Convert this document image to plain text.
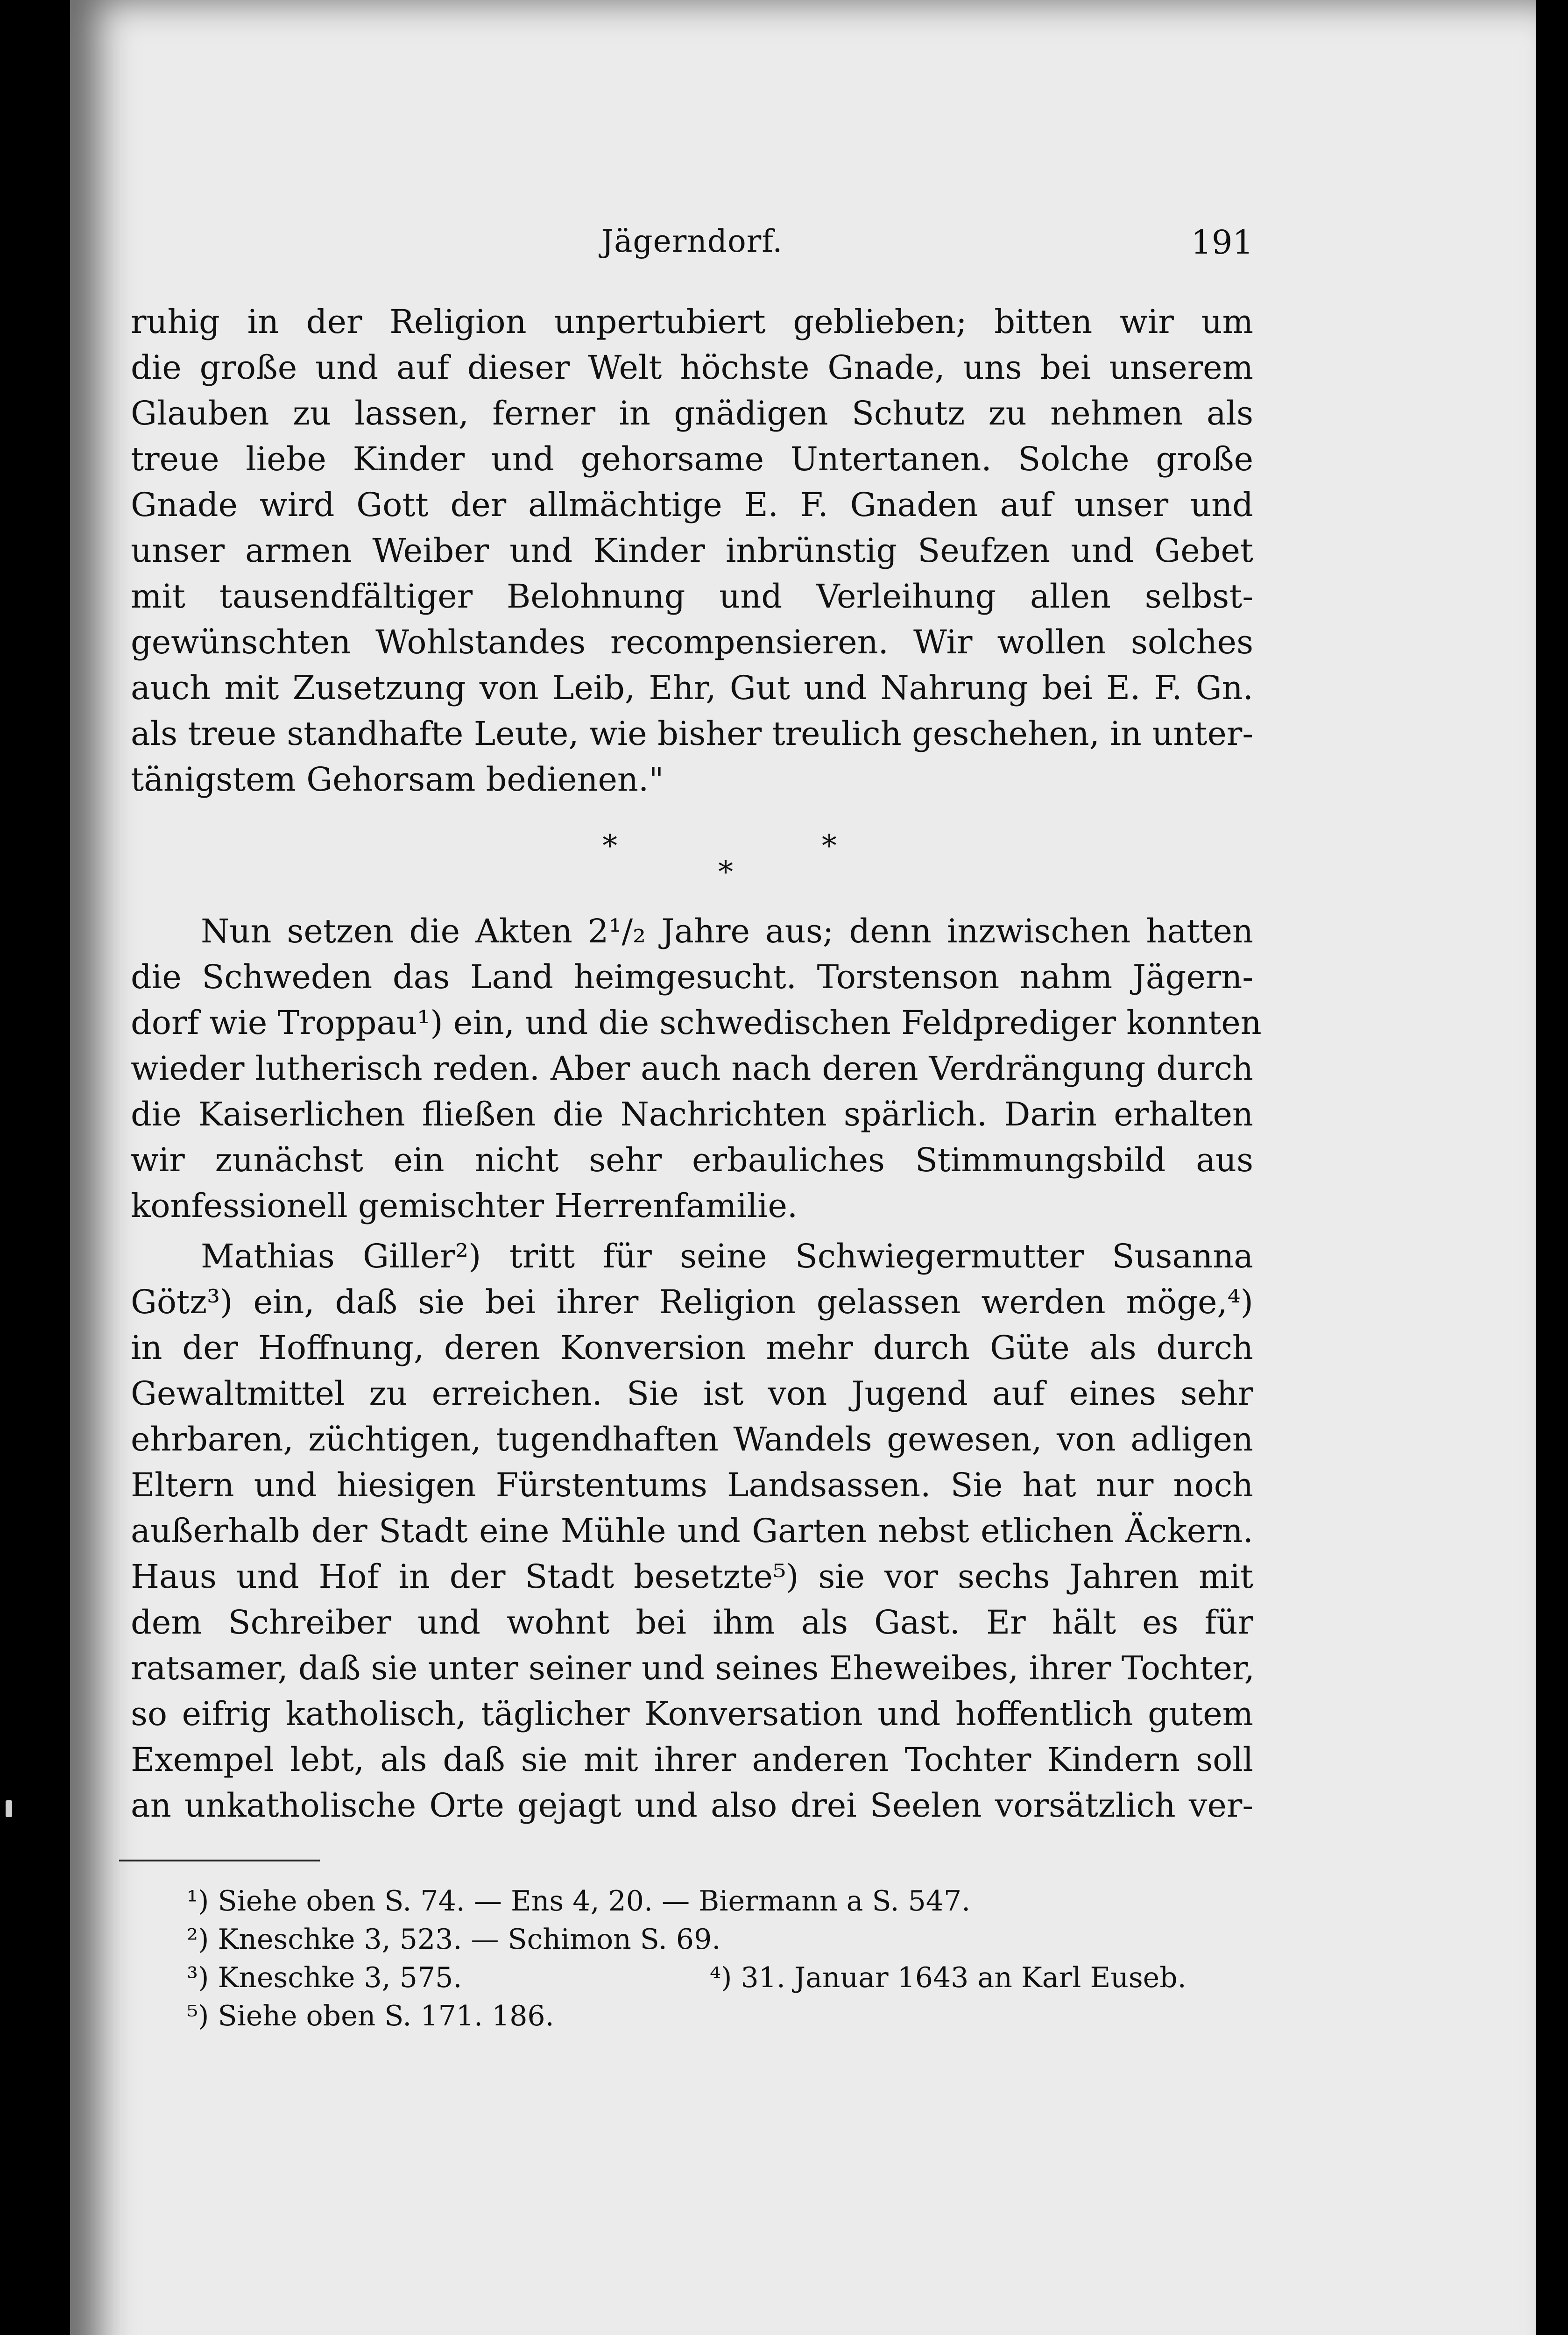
Jägerndorf.	191
ruhig in der Religion unpertubiert geblieben; bitten wir um
die große und auf dieser Welt höchste Gnade, uns bei unserem
Glauben zu lassen, ferner in gnädigen Schutz zu nehmen als
treue liebe Kinder und gehorsame Untertanen. Solche große
Gnade wird Gott der allmächtige E. F. Gnaden auf unser und
unser armen Weiber und Kinder inbrünstig Seufzen und Gebet
mit tausendfältiger Belohnung und Verleihung allen selbst-
gewünschten Wohlstandes recompensieren. Wir wollen solches
auch mit Zusetzung von Leib, Ehr, Gut und Nahrung bei E. F. Gn.
als treue standhafte Leute, wie bisher treulich geschehen, in unter-
tänigstem Gehorsam bedienen."
*
*
*
Nun setzen die Akten 2¹/₂ Jahre aus; denn inzwischen hatten
die Schweden das Land heimgesucht. Torstenson nahm Jägern-
dorf wie Troppau¹) ein, und die schwedischen Feldprediger konnten
wieder lutherisch reden. Aber auch nach deren Verdrängung durch
die Kaiserlichen fließen die Nachrichten spärlich. Darin erhalten
wir zunächst ein nicht sehr erbauliches Stimmungsbild aus
konfessionell gemischter Herrenfamilie.
Mathias Giller²) tritt für seine Schwiegermutter Susanna
Götz³) ein, daß sie bei ihrer Religion gelassen werden möge,⁴)
in der Hoffnung, deren Konversion mehr durch Güte als durch
Gewaltmittel zu erreichen. Sie ist von Jugend auf eines sehr
ehrbaren, züchtigen, tugendhaften Wandels gewesen, von adligen
Eltern und hiesigen Fürstentums Landsassen. Sie hat nur noch
außerhalb der Stadt eine Mühle und Garten nebst etlichen Äckern.
Haus und Hof in der Stadt besetzte⁵) sie vor sechs Jahren mit
dem Schreiber und wohnt bei ihm als Gast. Er hält es für
ratsamer, daß sie unter seiner und seines Eheweibes, ihrer Tochter,
so eifrig katholisch, täglicher Konversation und hoffentlich gutem
Exempel lebt, als daß sie mit ihrer anderen Tochter Kindern soll
an unkatholische Orte gejagt und also drei Seelen vorsätzlich ver-
¹) Siehe oben S. 74. — Ens 4, 20. — Biermann a S. 547.
²) Kneschke 3, 523. — Schimon S. 69.
³) Kneschke 3, 575.	⁴) 31. Januar 1643 an Karl Euseb.
⁵) Siehe oben S. 171. 186.
